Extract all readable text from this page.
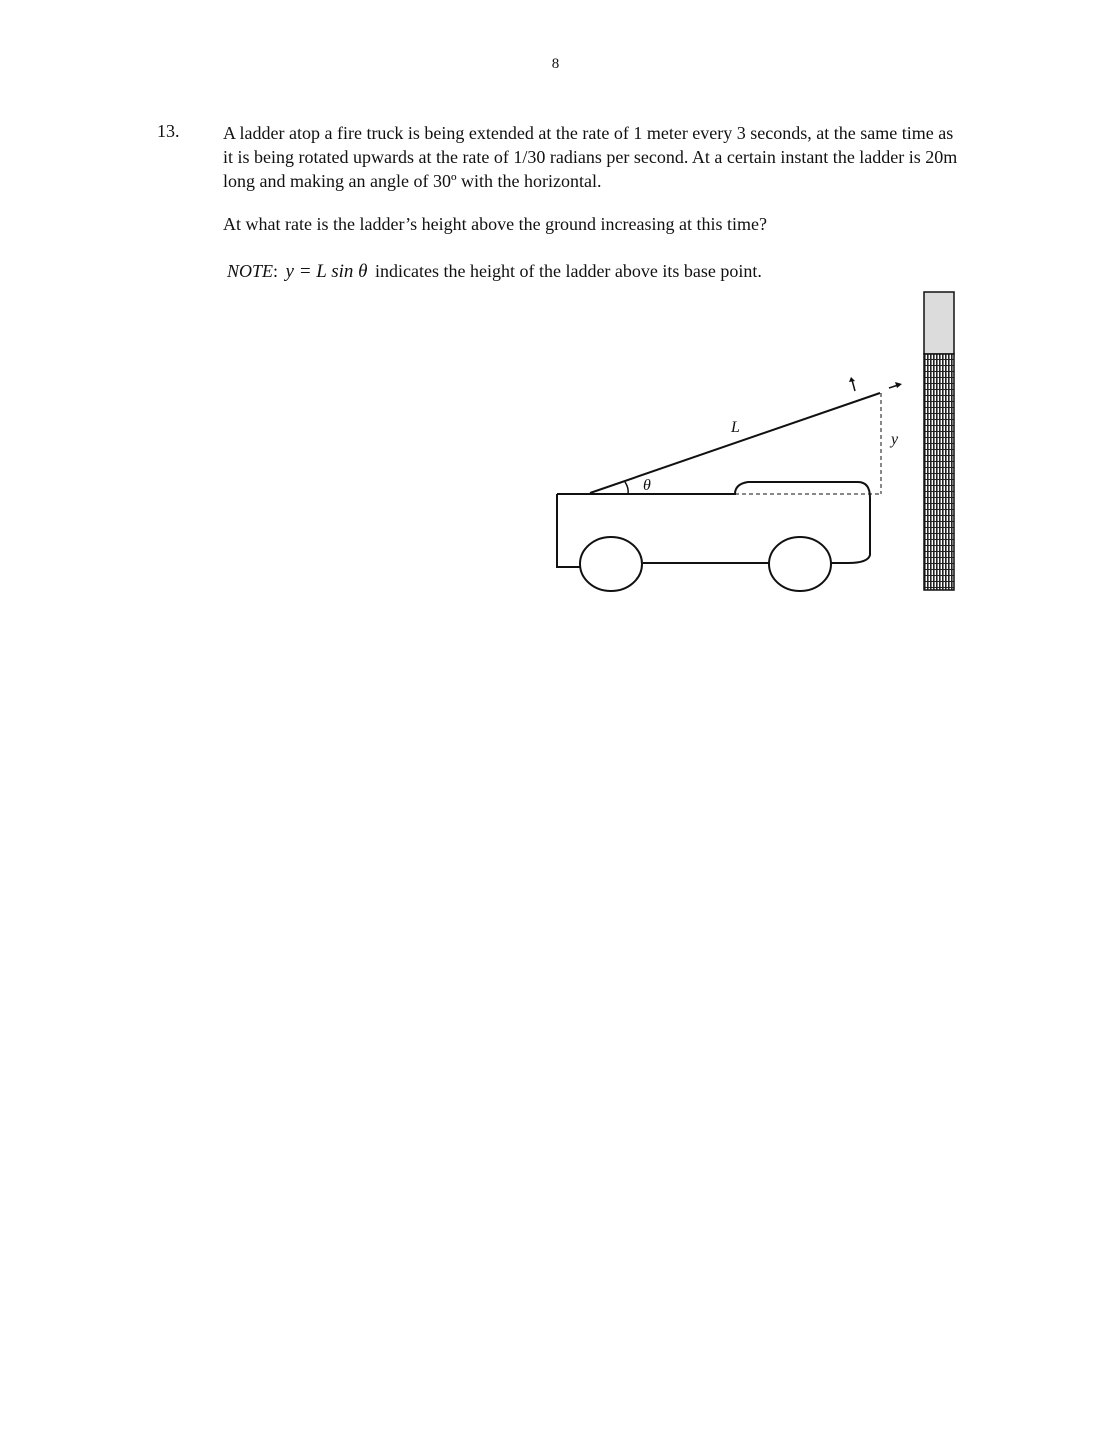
8
13. A ladder atop a fire truck is being extended at the rate of 1 meter every 3 seconds, at the same time as it is being rotated upwards at the rate of 1/30 radians per second. At a certain instant the ladder is 20m long and making an angle of 30º with the horizontal.

At what rate is the ladder’s height above the ground increasing at this time?

NOTE: y = L sin θ indicates the height of the ladder above its base point.

L
θ
y
